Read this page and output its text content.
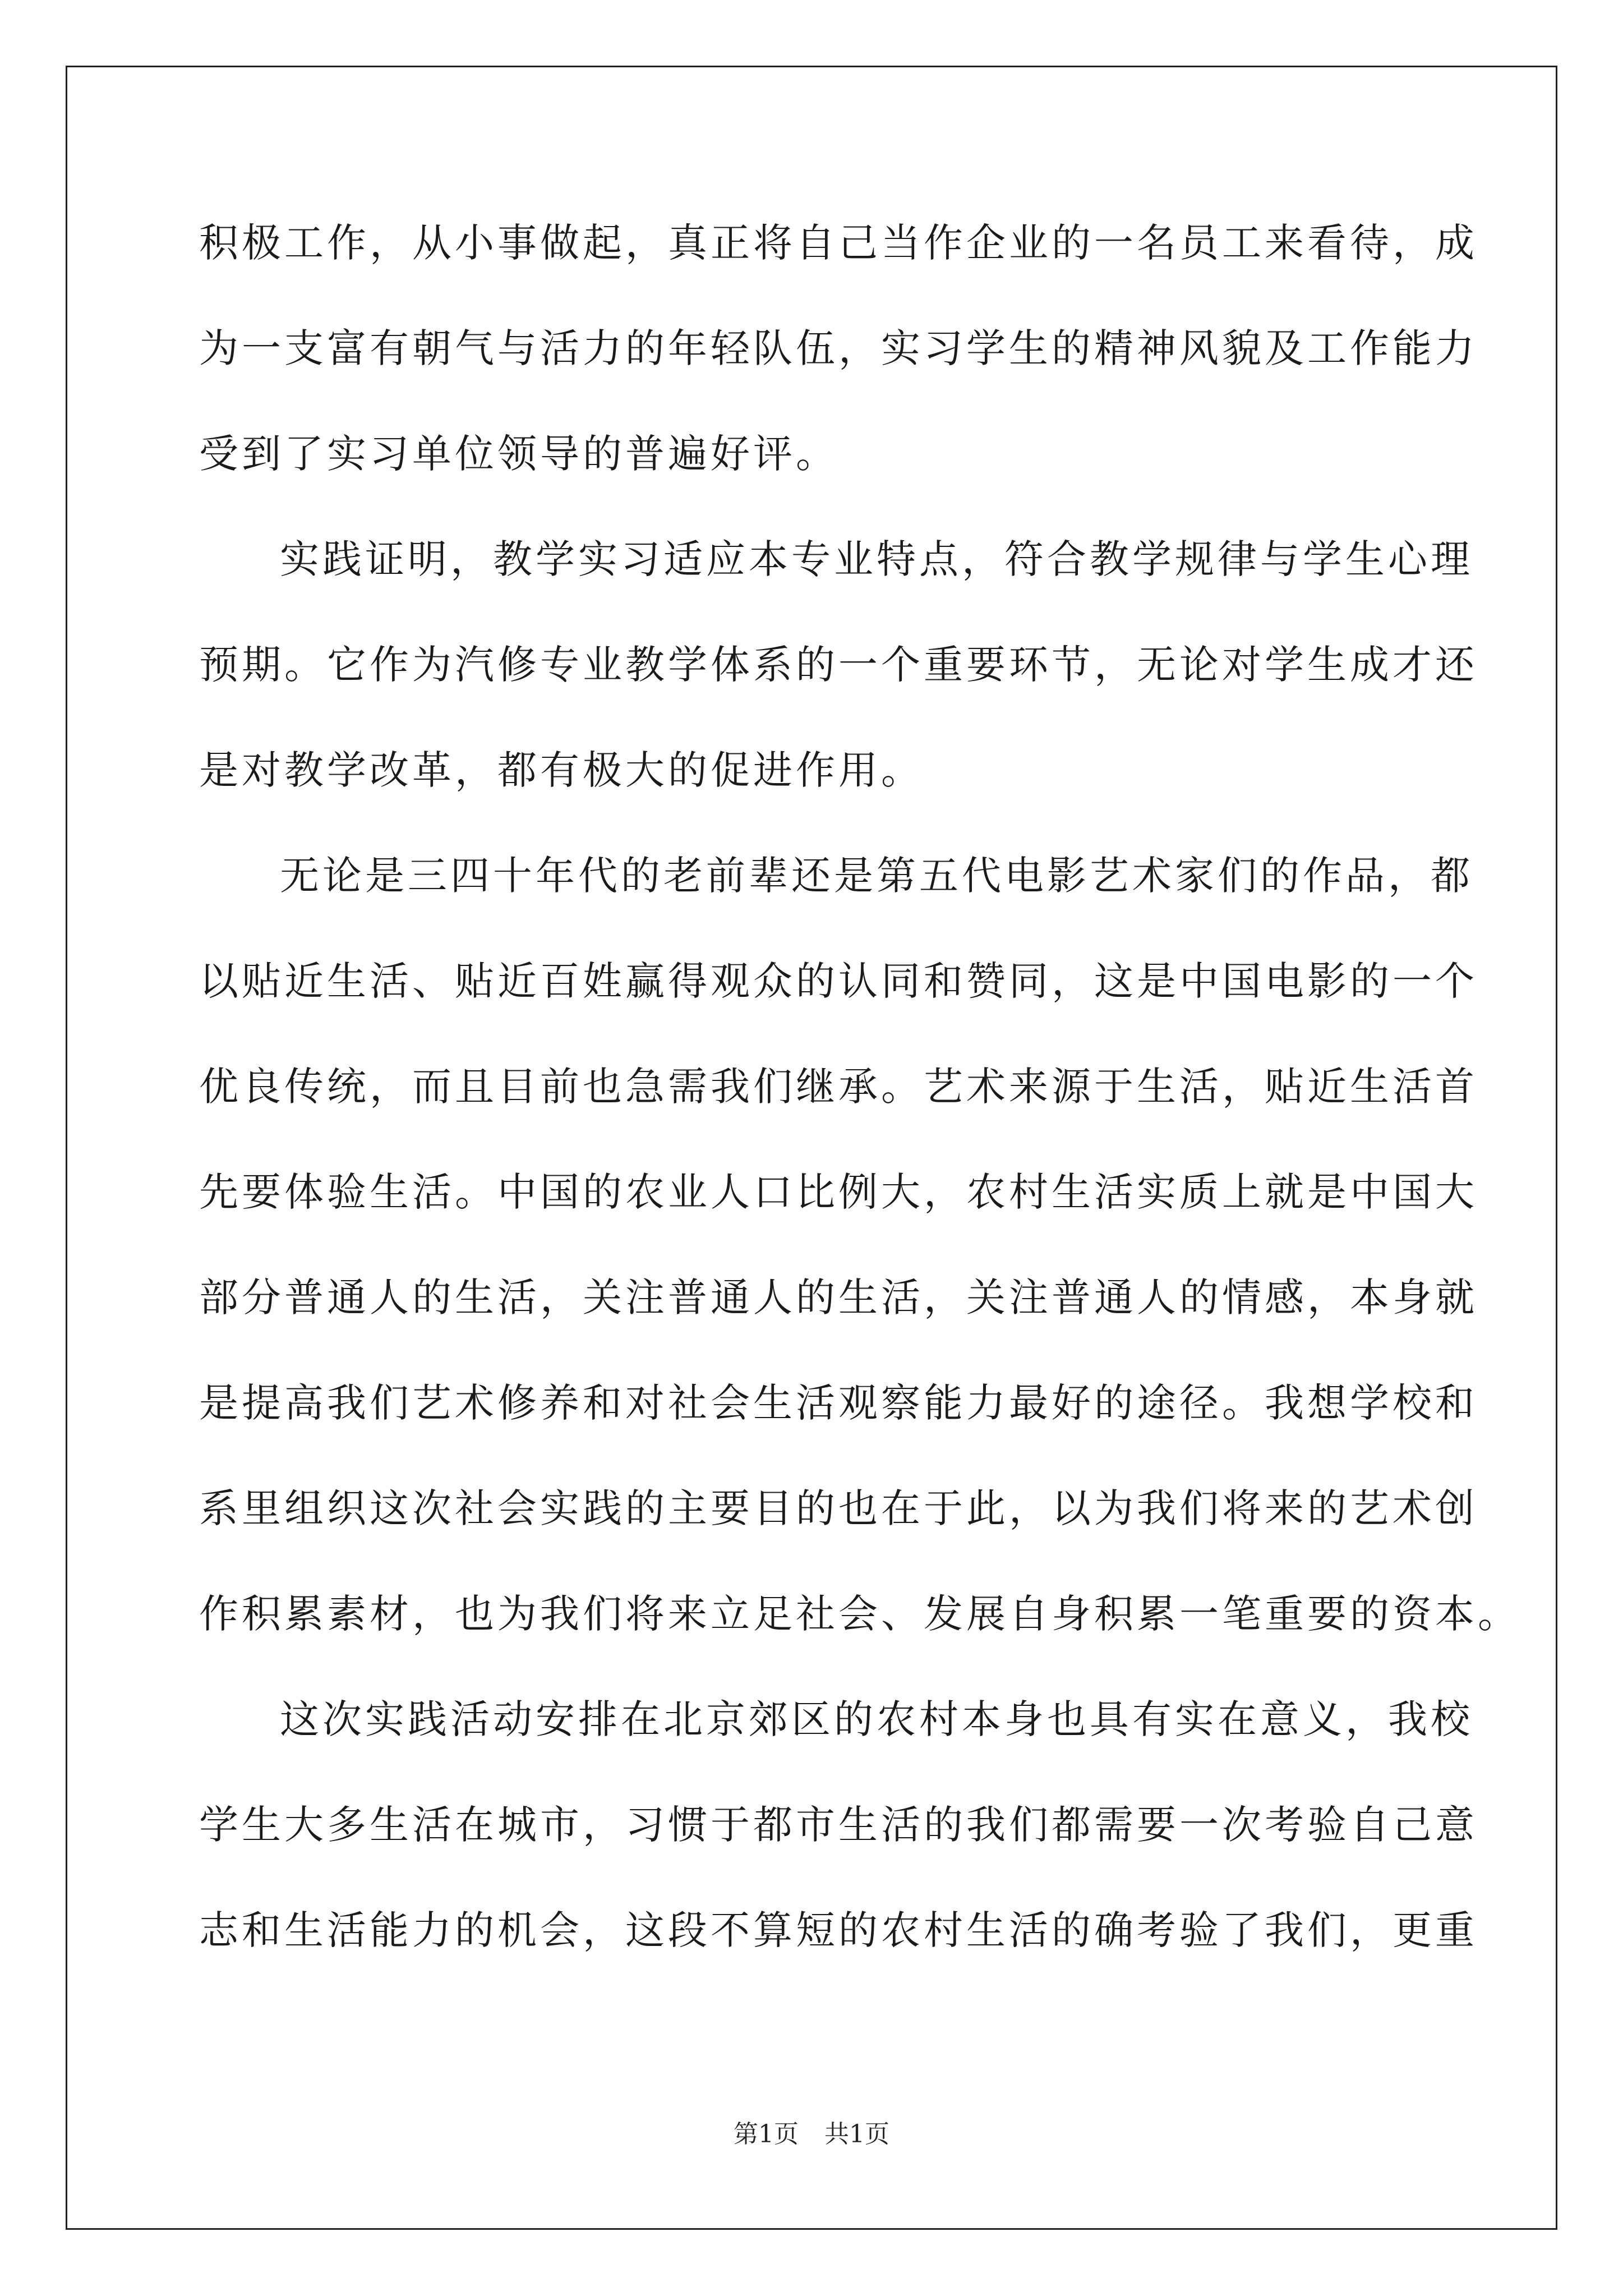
积极工作，从小事做起，真正将自己当作企业的一名员工来看待，成
为一支富有朝气与活力的年轻队伍，实习学生的精神风貌及工作能力
受到了实习单位领导的普遍好评。
实践证明，教学实习适应本专业特点，符合教学规律与学生心理
预期。它作为汽修专业教学体系的一个重要环节，无论对学生成才还
是对教学改革，都有极大的促进作用。
无论是三四十年代的老前辈还是第五代电影艺术家们的作品，都
以贴近生活、贴近百姓赢得观众的认同和赞同，这是中国电影的一个
优良传统，而且目前也急需我们继承。艺术来源于生活，贴近生活首
先要体验生活。中国的农业人口比例大，农村生活实质上就是中国大
部分普通人的生活，关注普通人的生活，关注普通人的情感，本身就
是提高我们艺术修养和对社会生活观察能力最好的途径。我想学校和
系里组织这次社会实践的主要目的也在于此，以为我们将来的艺术创
作积累素材，也为我们将来立足社会、发展自身积累一笔重要的资本。
这次实践活动安排在北京郊区的农村本身也具有实在意义，我校
学生大多生活在城市，习惯于都市生活的我们都需要一次考验自己意
志和生活能力的机会，这段不算短的农村生活的确考验了我们，更重
第1页 共1页
